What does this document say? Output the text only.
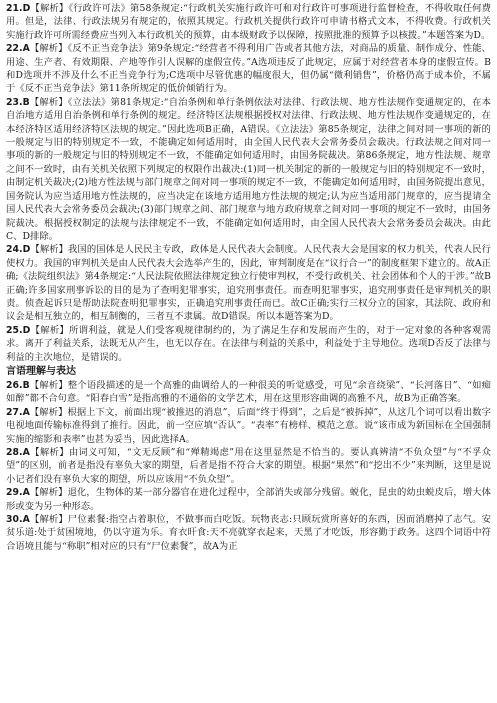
21.D【解析】《行政许可法》第58条规定:“行政机关实施行政许可和对行政许可事项进行监督检查，不得收取任何费用。但是，法律、行政法规另有规定的，依照其规定。行政机关提供行政许可申请书格式文本，不得收费。行政机关实施行政许可所需经费应当列入本行政机关的预算，由本级财政予以保障，按照批准的预算予以核拨。”本题答案为D。

22.A【解析】《反不正当竞争法》第9条规定:“经营者不得利用广告或者其他方法，对商品的质量、制作成分、性能、用途、生产者、有效期限、产地等作引人误解的虚假宣传。”A选项违反了此规定，应属于对经营者本身的虚假宣传。B和D选项并不涉及什么不正当竞争行为;C选项中尽管优惠的幅度很大，但仍属“微利销售”，价格仍高于成本价，不属于《反不正当竞争法》第11条所规定的低价倾销行为。

23.B【解析】《立法法》第81条规定:“自治条例和单行条例依法对法律、行政法规、地方性法规作变通规定的，在本自治地方适用自治条例和单行条例的规定。经济特区法规根据授权对法律、行政法规、地方性法规作变通规定的，在本经济特区适用经济特区法规的规定。”因此选项B正确，A错误。《立法法》第85条规定，法律之间对同一事项的新的一般规定与旧的特别规定不一致，不能确定如何适用时，由全国人民代表大会常务委员会裁决。行政法规之间对同一事项的新的一般规定与旧的特别规定不一致，不能确定如何适用时，由国务院裁决。第86条规定，地方性法规、规章之间不一致时，由有关机关依照下列规定的权限作出裁决:(1)同一机关制定的新的一般规定与旧的特别规定不一致时，由制定机关裁决;(2)地方性法规与部门规章之间对同一事项的规定不一致，不能确定如何适用时，由国务院提出意见，国务院认为应当适用地方性法规的，应当决定在该地方适用地方性法规的规定;认为应当适用部门规章的，应当提请全国人民代表大会常务委员会裁决;(3)部门规章之间、部门规章与地方政府规章之间对同一事项的规定不一致时，由国务院裁决。根据授权制定的法规与法律规定不一致，不能确定如何适用时，由全国人民代表大会常务委员会裁决。由此C、D排除。

24.D【解析】我国的国体是人民民主专政，政体是人民代表大会制度。人民代表大会是国家的权力机关，代表人民行使权力。我国的审判机关是由人民代表大会选举产生的，因此，审判制度是在“议行合一”的制度框架下建立的。故A正确;《法院组织法》第4条规定:“人民法院依照法律规定独立行使审判权，不受行政机关、社会团体和个人的干涉。”故B正确;许多国家刑事诉讼的目的是为了查明犯罪事实，追究刑事责任。而查明犯罪事实，追究刑事责任是审判机关的职责。侦查起诉只是帮助法院查明犯罪事实，正确追究刑事责任而已。故C正确;实行三权分立的国家，其法院、政府和议会是相互独立的，相互制衡的，三者互不隶属。故D错误。所以本题答案为D。

25.D【解析】所谓利益，就是人们受客观规律制约的，为了满足生存和发展而产生的，对于一定对象的各种客观需求。离开了利益关系，法既无从产生，也无以存在。在法律与利益的关系中，利益处于主导地位。选项D否反了法律与利益的主次地位，是错误的。

言语理解与表达

26.B【解析】整个语段描述的是一个高雅的曲调给人的一种很美的听觉感受，可见“余音绕梁”、“长河落日”、“如痴如醉”都不合句意。“阳春白雪”是指高雅的不通俗的文学艺术，用在这里形容曲调的高雅不凡，故B为正确答案。

27.A【解析】根据上下文，前面出现“被推迟的消息”，后面“终于得到”，之后是“被拆掉”，从这几个词可以看出数字电视地面传输标准得到了推行。因此，前一空应填“否认”。“表率”有榜样、模范之意。说“该市成为新国标在全国强制实施的缩影和表率”也甚为妥当，因此选择A。

28.A【解析】由词义可知，“文无反顾”和“殚精竭虑”用在这里显然是不恰当的。要认真辨清“不负众望”与“不孚众望”的区别，前者是指没有辜负大家的期望，后者是指不符合大家的期望。根据“果然”和“挖出不少”来判断，这里是说小记者们没有辜负大家的期望，所以应该用“不负众望”。

29.A【解析】退化，生物体的某一部分器官在进化过程中，全部消失或部分残留。蜕化，昆虫的幼虫蜕皮后，增大体形或变为另一种形态。

30.A【解析】尸位素餐:指空占着职位，不做事而白吃饭。玩物丧志:只顾玩赏所喜好的东西，因而消磨掉了志气。安贫乐道:处于贫困境地，仍以守道为乐。育衣旰食:天不亮就穿衣起来，天黑了才吃饭，形容勤于政务。这四个词语中符合语境且能与“称职”相对应的只有“尸位素餐”，故A为正
